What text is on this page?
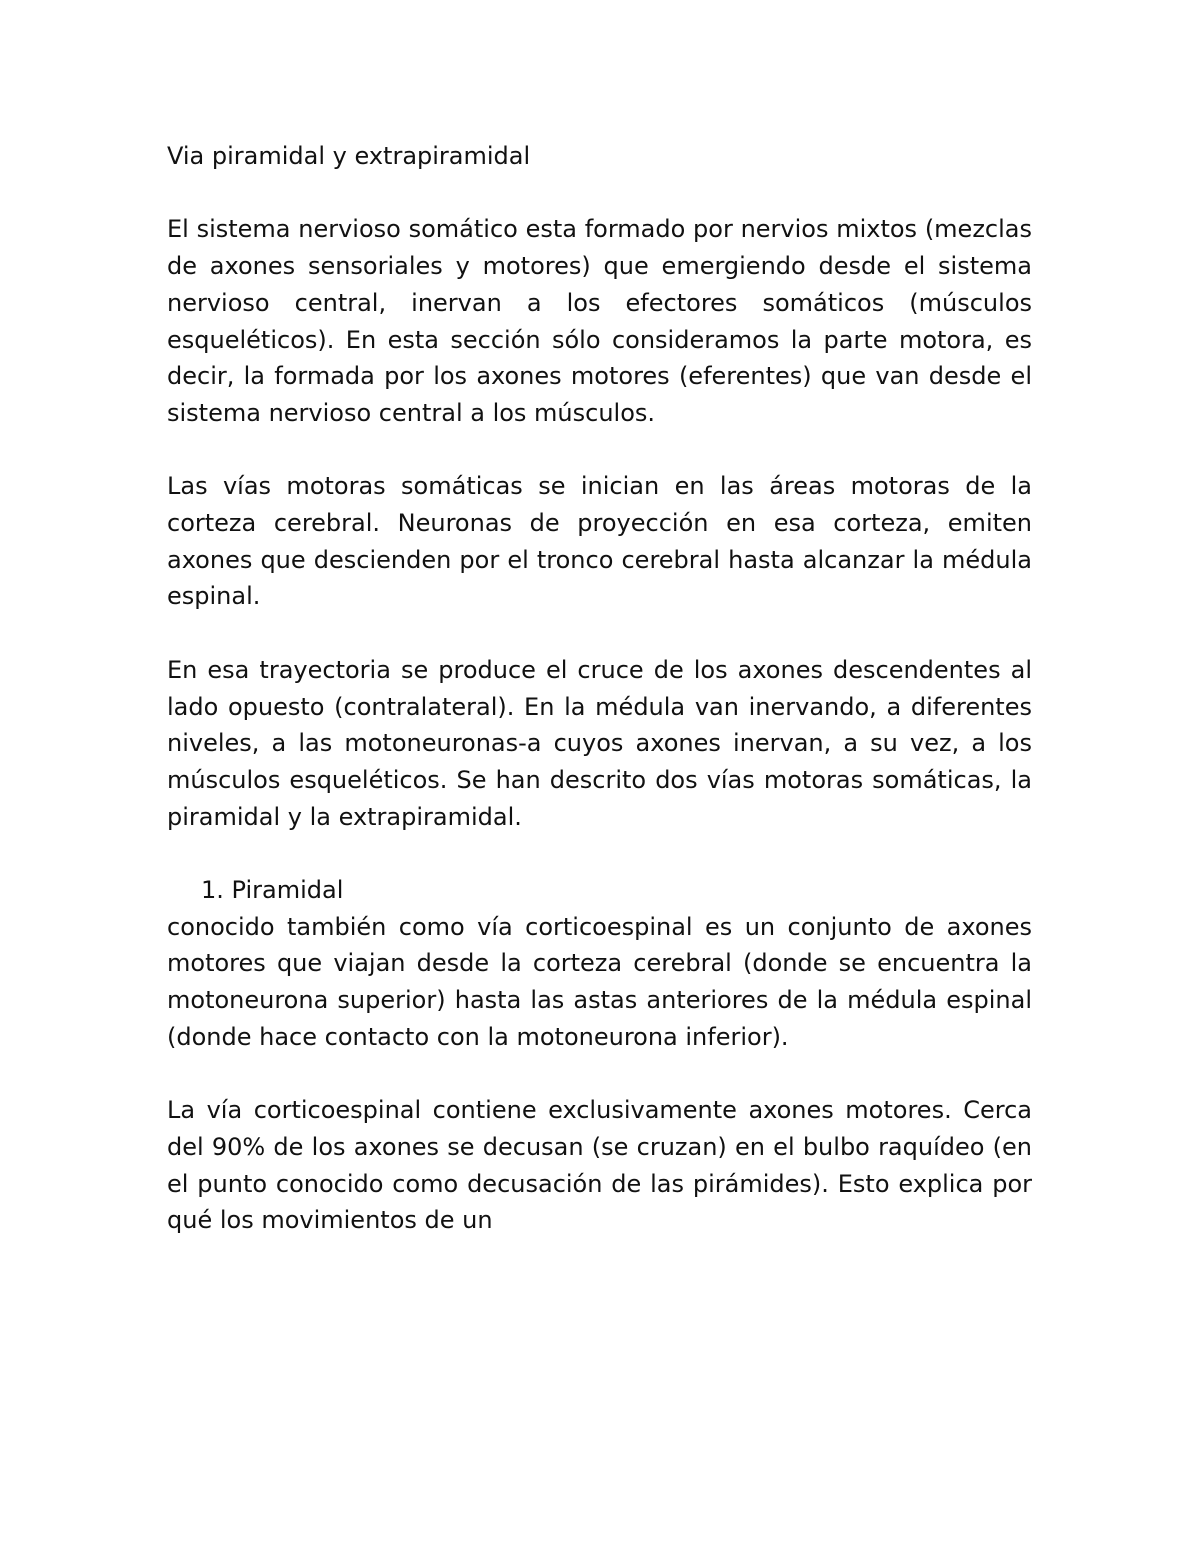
Via piramidal y extrapiramidal

El sistema nervioso somático esta formado por nervios mixtos (mezclas de axones sensoriales y motores) que emergiendo desde el sistema nervioso central, inervan a los efectores somáticos (músculos esqueléticos). En esta sección sólo consideramos la parte motora, es decir, la formada por los axones motores (eferentes) que van desde el sistema nervioso central a los músculos.

Las vías motoras somáticas se inician en las áreas motoras de la corteza cerebral. Neuronas de proyección en esa corteza, emiten axones que descienden por el tronco cerebral hasta alcanzar la médula espinal.

En esa trayectoria se produce el cruce de los axones descendentes al lado opuesto (contralateral). En la médula van inervando, a diferentes niveles, a las motoneuronas-a cuyos axones inervan, a su vez, a los músculos esqueléticos. Se han descrito dos vías motoras somáticas, la piramidal y la extrapiramidal.

1. Piramidal

conocido también como vía corticoespinal es un conjunto de axones motores que viajan desde la corteza cerebral (donde se encuentra la motoneurona superior) hasta las astas anteriores de la médula espinal (donde hace contacto con la motoneurona inferior).

La vía corticoespinal contiene exclusivamente axones motores. Cerca del 90% de los axones se decusan (se cruzan) en el bulbo raquídeo (en el punto conocido como decusación de las pirámides). Esto explica por qué los movimientos de un
